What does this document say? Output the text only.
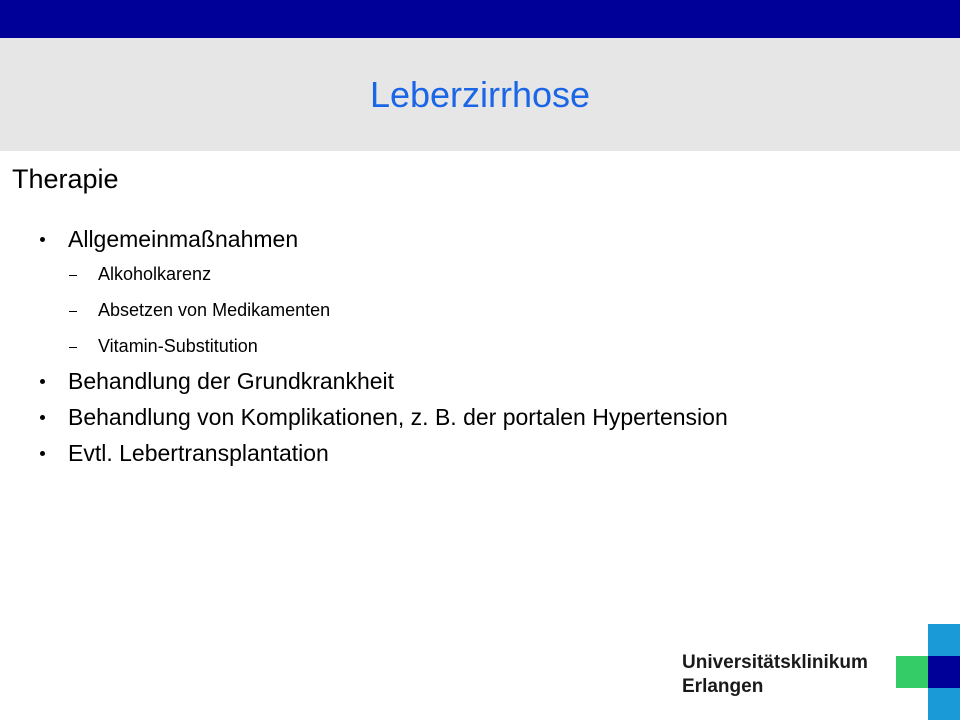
Leberzirrhose
Therapie
Allgemeinmaßnahmen
Alkoholkarenz
Absetzen von Medikamenten
Vitamin-Substitution
Behandlung der Grundkrankheit
Behandlung von Komplikationen, z. B. der portalen Hypertension
Evtl. Lebertransplantation
Universitätsklinikum
Erlangen
